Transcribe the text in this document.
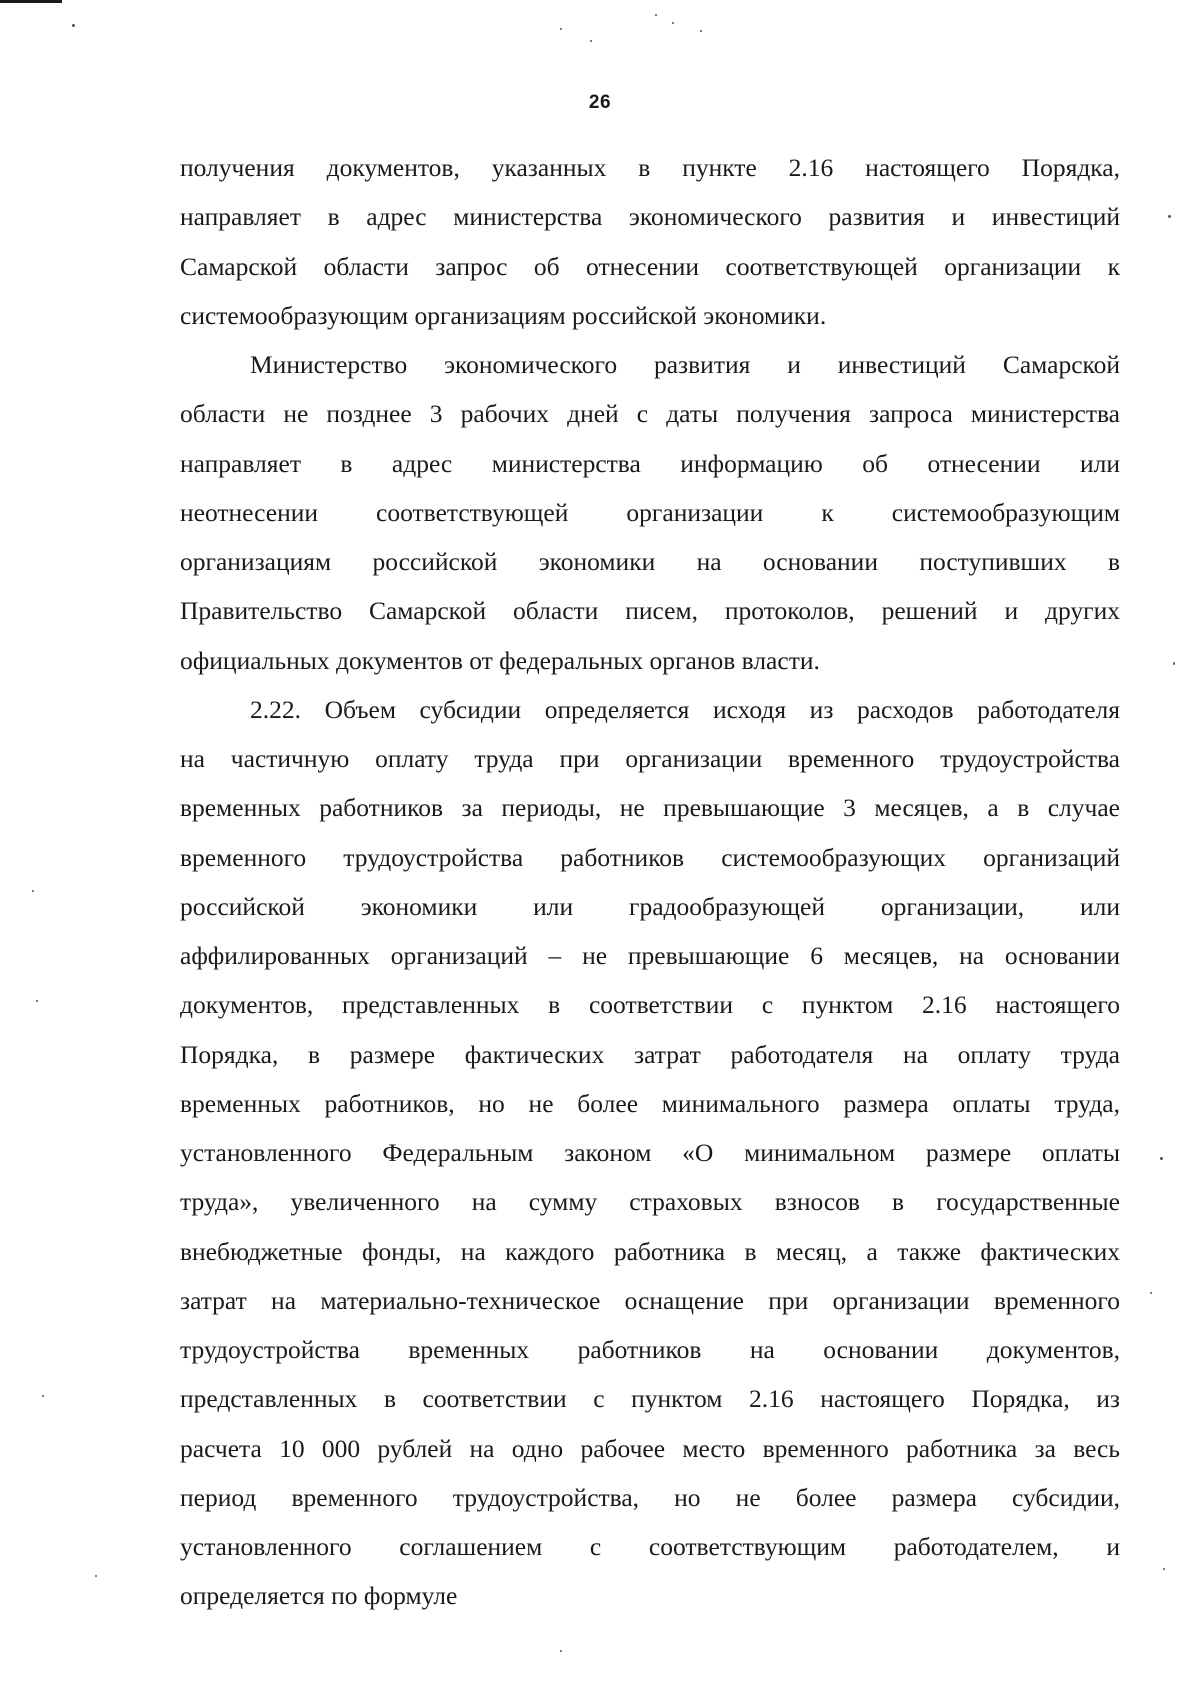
26
получения документов, указанных в пункте 2.16 настоящего Порядка,
направляет в адрес министерства экономического развития и инвестиций
Самарской области запрос об отнесении соответствующей организации к
системообразующим организациям российской экономики.
Министерство экономического развития и инвестиций Самарской
области не позднее 3 рабочих дней с даты получения запроса министерства
направляет в адрес министерства информацию об отнесении или
неотнесении соответствующей организации к системообразующим
организациям российской экономики на основании поступивших в
Правительство Самарской области писем, протоколов, решений и других
официальных документов от федеральных органов власти.
2.22. Объем субсидии определяется исходя из расходов работодателя
на частичную оплату труда при организации временного трудоустройства
временных работников за периоды, не превышающие 3 месяцев, а в случае
временного трудоустройства работников системообразующих организаций
российской экономики или градообразующей организации, или
аффилированных организаций – не превышающие 6 месяцев, на основании
документов, представленных в соответствии с пунктом 2.16 настоящего
Порядка, в размере фактических затрат работодателя на оплату труда
временных работников, но не более минимального размера оплаты труда,
установленного Федеральным законом «О минимальном размере оплаты
труда», увеличенного на сумму страховых взносов в государственные
внебюджетные фонды, на каждого работника в месяц, а также фактических
затрат на материально-техническое оснащение при организации временного
трудоустройства временных работников на основании документов,
представленных в соответствии с пунктом 2.16 настоящего Порядка, из
расчета 10 000 рублей на одно рабочее место временного работника за весь
период временного трудоустройства, но не более размера субсидии,
установленного соглашением с соответствующим работодателем, и
определяется по формуле
